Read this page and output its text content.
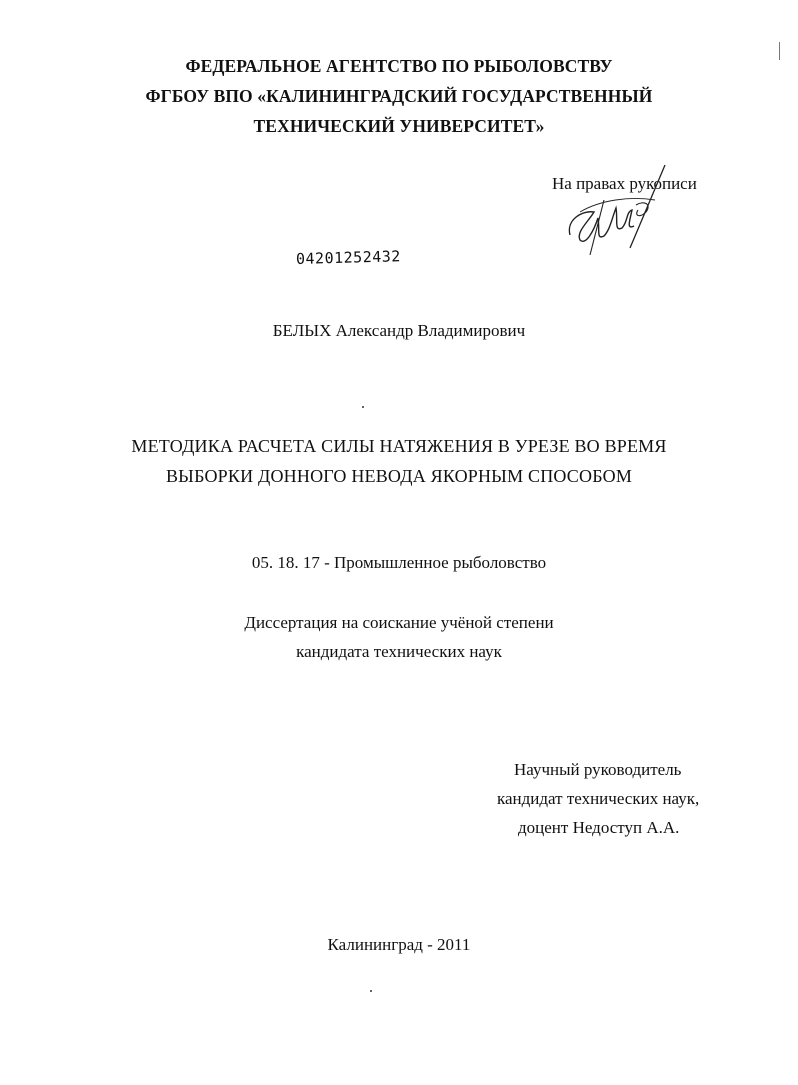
ФЕДЕРАЛЬНОЕ АГЕНТСТВО ПО РЫБОЛОВСТВУ
ФГБОУ ВПО «КАЛИНИНГРАДСКИЙ ГОСУДАРСТВЕННЫЙ
ТЕХНИЧЕСКИЙ УНИВЕРСИТЕТ»
На правах рукописи
04201252432
БЕЛЫХ Александр Владимирович
МЕТОДИКА РАСЧЕТА СИЛЫ НАТЯЖЕНИЯ В УРЕЗЕ ВО ВРЕМЯ
ВЫБОРКИ ДОННОГО НЕВОДА ЯКОРНЫМ СПОСОБОМ
05. 18. 17 - Промышленное рыболовство
Диссертация на соискание учёной степени
кандидата технических наук
Научный руководитель
кандидат технических наук,
доцент Недоступ А.А.
Калининград - 2011
